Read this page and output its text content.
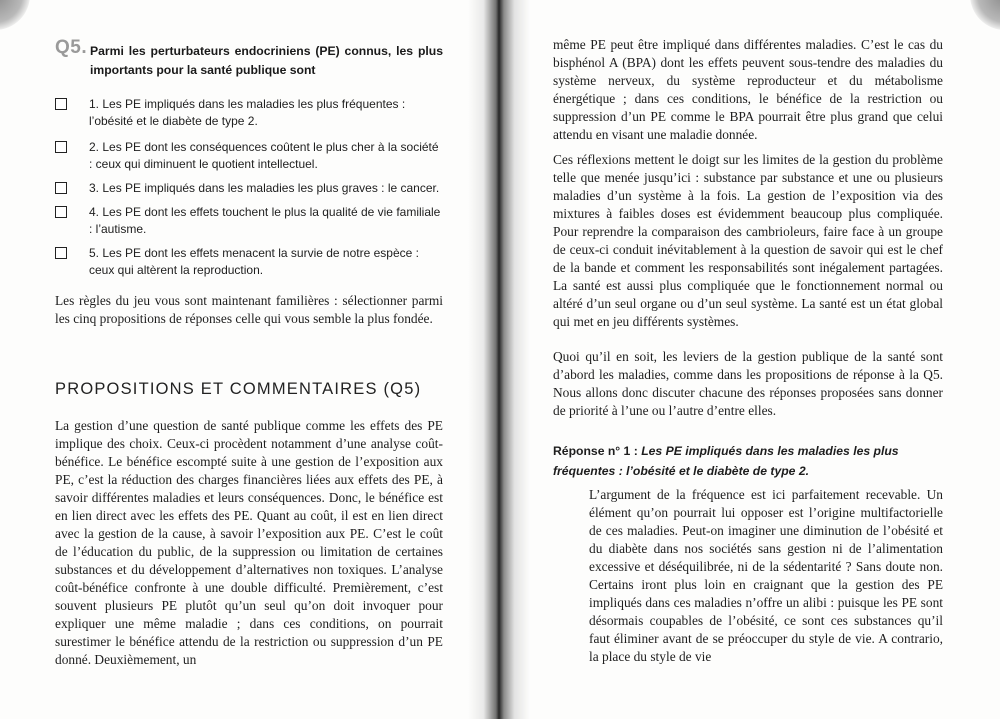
Q5. Parmi les perturbateurs endocriniens (PE) connus, les plus importants pour la santé publique sont
1. Les PE impliqués dans les maladies les plus fréquentes : l’obésité et le diabète de type 2.
2. Les PE dont les conséquences coûtent le plus cher à la société : ceux qui diminuent le quotient intellectuel.
3. Les PE impliqués dans les maladies les plus graves : le cancer.
4. Les PE dont les effets touchent le plus la qualité de vie familiale : l’autisme.
5. Les PE dont les effets menacent la survie de notre espèce : ceux qui altèrent la reproduction.
Les règles du jeu vous sont maintenant familières : sélectionner parmi les cinq propositions de réponses celle qui vous semble la plus fondée.
PROPOSITIONS ET COMMENTAIRES (Q5)
La gestion d’une question de santé publique comme les effets des PE implique des choix. Ceux-ci procèdent notamment d’une analyse coût-bénéfice. Le bénéfice escompté suite à une gestion de l’exposition aux PE, c’est la réduction des charges financières liées aux effets des PE, à savoir différentes maladies et leurs conséquences. Donc, le bénéfice est en lien direct avec les effets des PE. Quant au coût, il est en lien direct avec la gestion de la cause, à savoir l’exposition aux PE. C’est le coût de l’éducation du public, de la suppression ou limitation de certaines substances et du développement d’alternatives non toxiques. L’analyse coût-bénéfice confronte à une double difficulté. Premièrement, c’est souvent plusieurs PE plutôt qu’un seul qu’on doit invoquer pour expliquer une même maladie ; dans ces conditions, on pourrait surestimer le bénéfice attendu de la restriction ou suppression d’un PE donné. Deuxièmement, un
même PE peut être impliqué dans différentes maladies. C’est le cas du bisphénol A (BPA) dont les effets peuvent sous-tendre des maladies du système nerveux, du système reproducteur et du métabolisme énergétique ; dans ces conditions, le bénéfice de la restriction ou suppression d’un PE comme le BPA pourrait être plus grand que celui attendu en visant une maladie donnée.
Ces réflexions mettent le doigt sur les limites de la gestion du problème telle que menée jusqu’ici : substance par substance et une ou plusieurs maladies d’un système à la fois. La gestion de l’exposition via des mixtures à faibles doses est évidemment beaucoup plus compliquée. Pour reprendre la comparaison des cambrioleurs, faire face à un groupe de ceux-ci conduit inévitablement à la question de savoir qui est le chef de la bande et comment les responsabilités sont inégalement partagées. La santé est aussi plus compliquée que le fonctionnement normal ou altéré d’un seul organe ou d’un seul système. La santé est un état global qui met en jeu différents systèmes.
Quoi qu’il en soit, les leviers de la gestion publique de la santé sont d’abord les maladies, comme dans les propositions de réponse à la Q5. Nous allons donc discuter chacune des réponses proposées sans donner de priorité à l’une ou l’autre d’entre elles.
Réponse n° 1 : Les PE impliqués dans les maladies les plus fréquentes : l’obésité et le diabète de type 2.
L’argument de la fréquence est ici parfaitement recevable. Un élément qu’on pourrait lui opposer est l’origine multifactorielle de ces maladies. Peut-on imaginer une diminution de l’obésité et du diabète dans nos sociétés sans gestion ni de l’alimentation excessive et déséquilibrée, ni de la sédentarité ? Sans doute non. Certains iront plus loin en craignant que la gestion des PE impliqués dans ces maladies n’offre un alibi : puisque les PE sont désormais coupables de l’obésité, ce sont ces substances qu’il faut éliminer avant de se préoccuper du style de vie. A contrario, la place du style de vie
